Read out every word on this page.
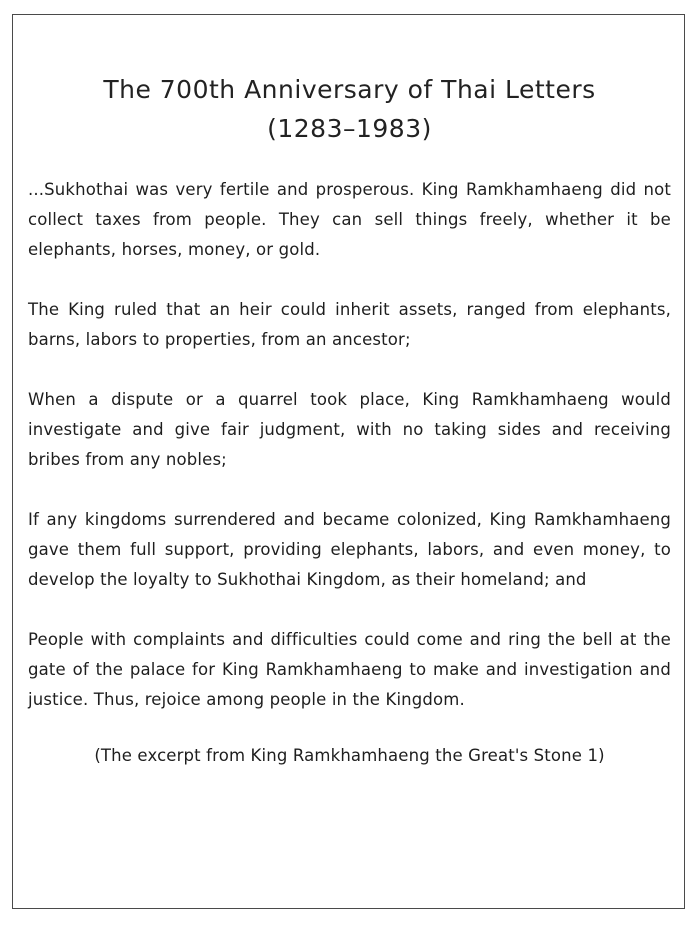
The 700th Anniversary of Thai Letters
(1283–1983)

...Sukhothai was very fertile and prosperous. King Ramkhamhaeng did not collect taxes from people. They can sell things freely, whether it be elephants, horses, money, or gold.

The King ruled that an heir could inherit assets, ranged from elephants, barns, labors to properties, from an ancestor;

When a dispute or a quarrel took place, King Ramkhamhaeng would investigate and give fair judgment, with no taking sides and receiving bribes from any nobles;

If any kingdoms surrendered and became colonized, King Ramkhamhaeng gave them full support, providing elephants, labors, and even money, to develop the loyalty to Sukhothai Kingdom, as their homeland; and

People with complaints and difficulties could come and ring the bell at the gate of the palace for King Ramkhamhaeng to make and investigation and justice. Thus, rejoice among people in the Kingdom.

(The excerpt from King Ramkhamhaeng the Great's Stone 1)
